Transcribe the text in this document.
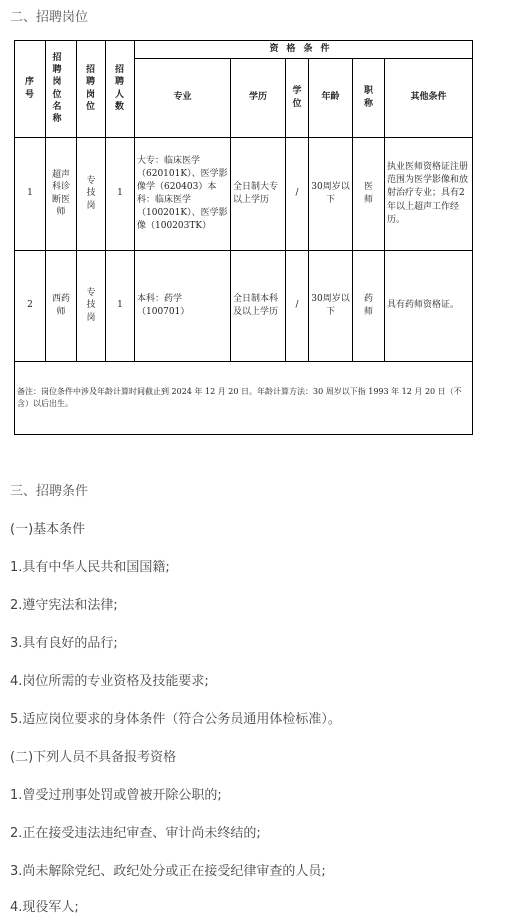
二、招聘岗位
序号	招聘岗位名称	招聘岗位	招聘人数	资格条件					
				专业	学历	学位	年龄	职称	其他条件
1	超声科诊断医师	专技岗	1	大专：临床医学（620101K）、医学影像学（620403）本科：临床医学（100201K）、医学影像（100203TK）	全日制大专以上学历	/	30周岁以下	医师	执业医师资格证注册范围为医学影像和放射治疗专业；具有2年以上超声工作经历。
2	西药师	专技岗	1	本科：药学（100701）	全日制本科及以上学历	/	30周岁以下	药师	具有药师资格证。
备注：岗位条件中涉及年龄计算时间截止到 2024 年 12 月 20 日。年龄计算方法：30 周岁以下指 1993 年 12 月 20 日（不含）以后出生。									
三、招聘条件
(一)基本条件
1.具有中华人民共和国国籍;
2.遵守宪法和法律;
3.具有良好的品行;
4.岗位所需的专业资格及技能要求;
5.适应岗位要求的身体条件（符合公务员通用体检标准）。
(二)下列人员不具备报考资格
1.曾受过刑事处罚或曾被开除公职的;
2.正在接受违法违纪审查、审计尚未终结的;
3.尚未解除党纪、政纪处分或正在接受纪律审查的人员;
4.现役军人;
